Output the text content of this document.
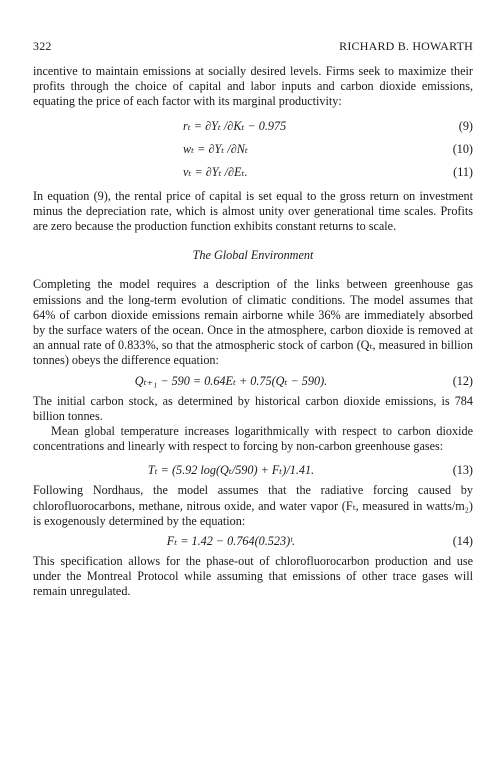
322	RICHARD B. HOWARTH

incentive to maintain emissions at socially desired levels. Firms seek to maximize their profits through the choice of capital and labor inputs and carbon dioxide emissions, equating the price of each factor with its marginal productivity:

rₜ = ∂Yₜ /∂Kₜ − 0.975	(9)
wₜ = ∂Yₜ /∂Nₜ	(10)
vₜ = ∂Yₜ /∂Eₜ.	(11)

In equation (9), the rental price of capital is set equal to the gross return on investment minus the depreciation rate, which is almost unity over generational time scales. Profits are zero because the production function exhibits constant returns to scale.

The Global Environment

Completing the model requires a description of the links between greenhouse gas emissions and the long-term evolution of climatic conditions. The model assumes that 64% of carbon dioxide emissions remain airborne while 36% are immediately absorbed by the surface waters of the ocean. Once in the atmosphere, carbon dioxide is removed at an annual rate of 0.833%, so that the atmospheric stock of carbon (Qₜ, measured in billion tonnes) obeys the difference equation:

Qₜ₊₁ − 590 = 0.64Eₜ + 0.75(Qₜ − 590).	(12)

The initial carbon stock, as determined by historical carbon dioxide emissions, is 784 billion tonnes.

Mean global temperature increases logarithmically with respect to carbon dioxide concentrations and linearly with respect to forcing by non-carbon greenhouse gases:

Tₜ = (5.92 log(Qₜ/590) + Fₜ)/1.41.	(13)

Following Nordhaus, the model assumes that the radiative forcing caused by chlorofluorocarbons, methane, nitrous oxide, and water vapor (Fₜ, measured in watts/m₂) is exogenously determined by the equation:

Fₜ = 1.42 − 0.764(0.523)ᵗ.	(14)

This specification allows for the phase-out of chlorofluorocarbon production and use under the Montreal Protocol while assuming that emissions of other trace gases will remain unregulated.
